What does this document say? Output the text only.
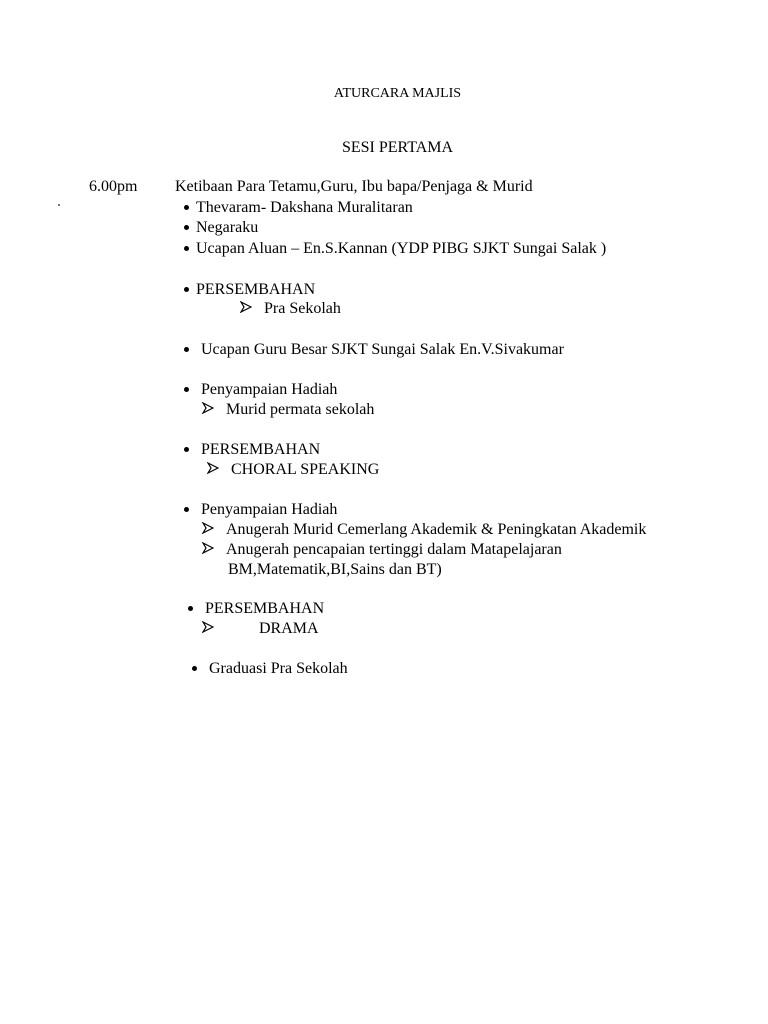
ATURCARA MAJLIS
SESI PERTAMA
6.00pm Ketibaan Para Tetamu,Guru, Ibu bapa/Penjaga & Murid
Thevaram- Dakshana Muralitaran
Negaraku
Ucapan Aluan – En.S.Kannan (YDP PIBG SJKT Sungai Salak )
PERSEMBAHAN
Pra Sekolah
Ucapan Guru Besar SJKT Sungai Salak En.V.Sivakumar
Penyampaian Hadiah
Murid permata sekolah
PERSEMBAHAN
CHORAL SPEAKING
Penyampaian Hadiah
Anugerah Murid Cemerlang Akademik & Peningkatan Akademik
Anugerah pencapaian tertinggi dalam Matapelajaran
BM,Matematik,BI,Sains dan BT)
PERSEMBAHAN
DRAMA
Graduasi Pra Sekolah
